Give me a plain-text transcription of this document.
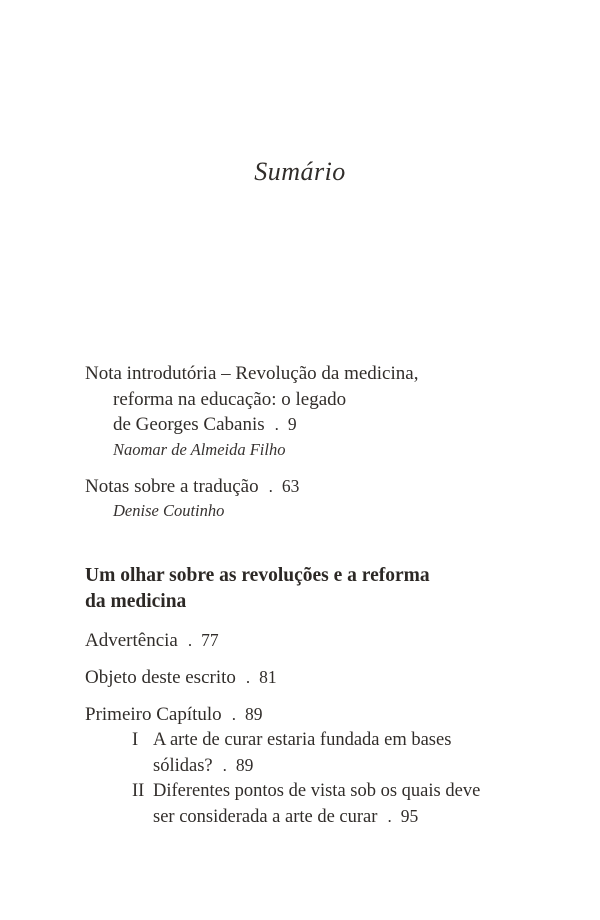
Sumário
Nota introdutória – Revolução da medicina,
reforma na educação: o legado
de Georges Cabanis . 9
Naomar de Almeida Filho
Notas sobre a tradução . 63
Denise Coutinho
Um olhar sobre as revoluções e a reforma
da medicina
Advertência . 77
Objeto deste escrito . 81
Primeiro Capítulo . 89
I A arte de curar estaria fundada em bases
sólidas? . 89
II Diferentes pontos de vista sob os quais deve
ser considerada a arte de curar . 95
